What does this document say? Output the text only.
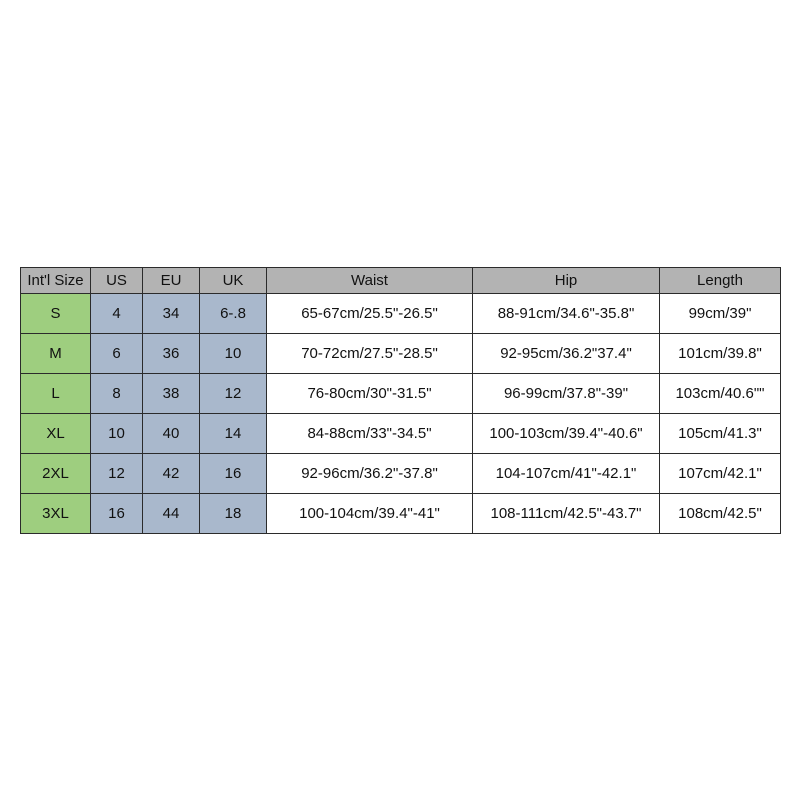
Int'l Size	US	EU	UK	Waist	Hip	Length
S	4	34	6-.8	65-67cm/25.5"-26.5"	88-91cm/34.6"-35.8"	99cm/39"
M	6	36	10	70-72cm/27.5"-28.5"	92-95cm/36.2"37.4"	101cm/39.8"
L	8	38	12	76-80cm/30"-31.5"	96-99cm/37.8"-39"	103cm/40.6""
XL	10	40	14	84-88cm/33"-34.5"	100-103cm/39.4"-40.6"	105cm/41.3"
2XL	12	42	16	92-96cm/36.2"-37.8"	104-107cm/41"-42.1"	107cm/42.1"
3XL	16	44	18	100-104cm/39.4"-41"	108-111cm/42.5"-43.7"	108cm/42.5"
